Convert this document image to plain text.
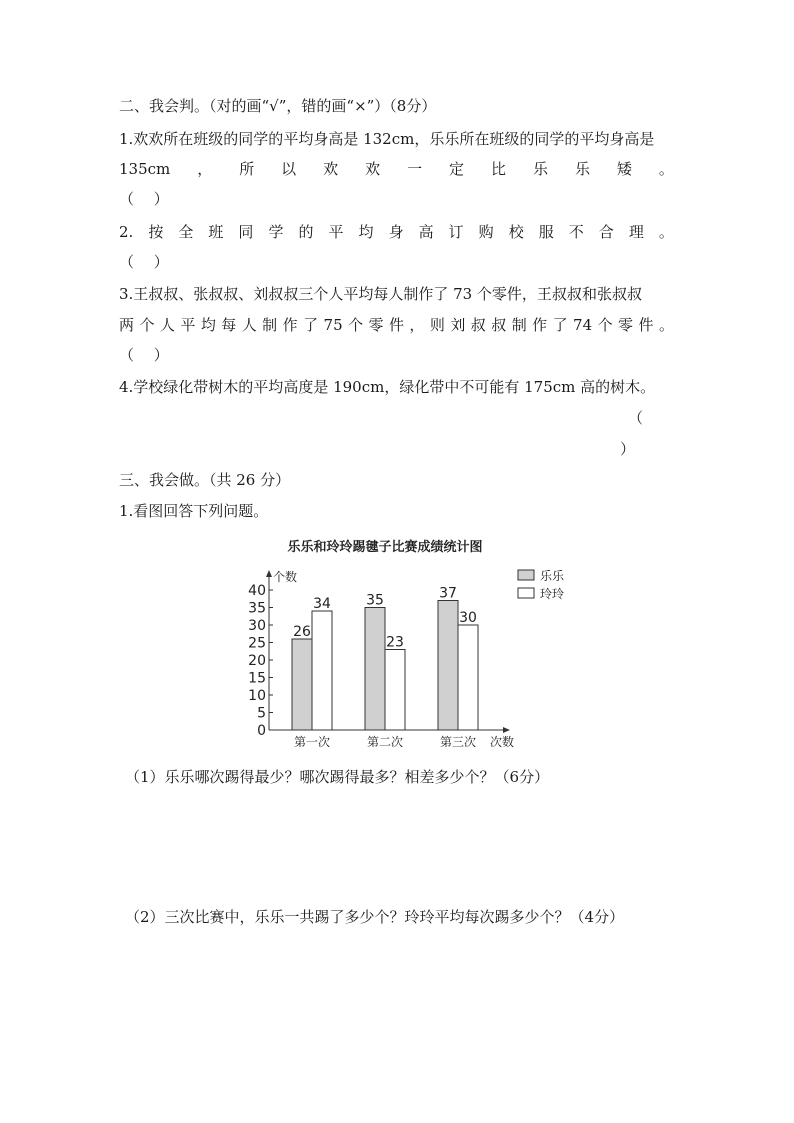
二、我会判。（对的画“√”，错的画“×”）（8分）
1.欢欢所在班级的同学的平均身高是 132cm，乐乐所在班级的同学的平均身高是
135cm ， 所 以 欢 欢 一 定 比 乐 乐 矮 。
（　 ）
2. 按 全 班 同 学 的 平 均 身 高 订 购 校 服 不 合 理 。
（　 ）
3.王叔叔、张叔叔、刘叔叔三个人平均每人制作了 73 个零件，王叔叔和张叔叔
两 个 人 平 均 每 人 制 作 了 75 个 零 件 ， 则 刘 叔 叔 制 作 了 74 个 零 件 。
（　 ）
4.学校绿化带树木的平均高度是 190cm，绿化带中不可能有 175cm 高的树木。
（
）
三、我会做。（共 26 分）
1.看图回答下列问题。
乐乐和玲玲踢毽子比赛成绩统计图
0
5
10
15
20
25
30
35
40
26
34	35
23
37
30
第一次	第二次	第三次
乐乐
玲玲
个数
次数
（1）乐乐哪次踢得最少？哪次踢得最多？相差多少个？（6分）
（2）三次比赛中，乐乐一共踢了多少个？玲玲平均每次踢多少个？（4分）
